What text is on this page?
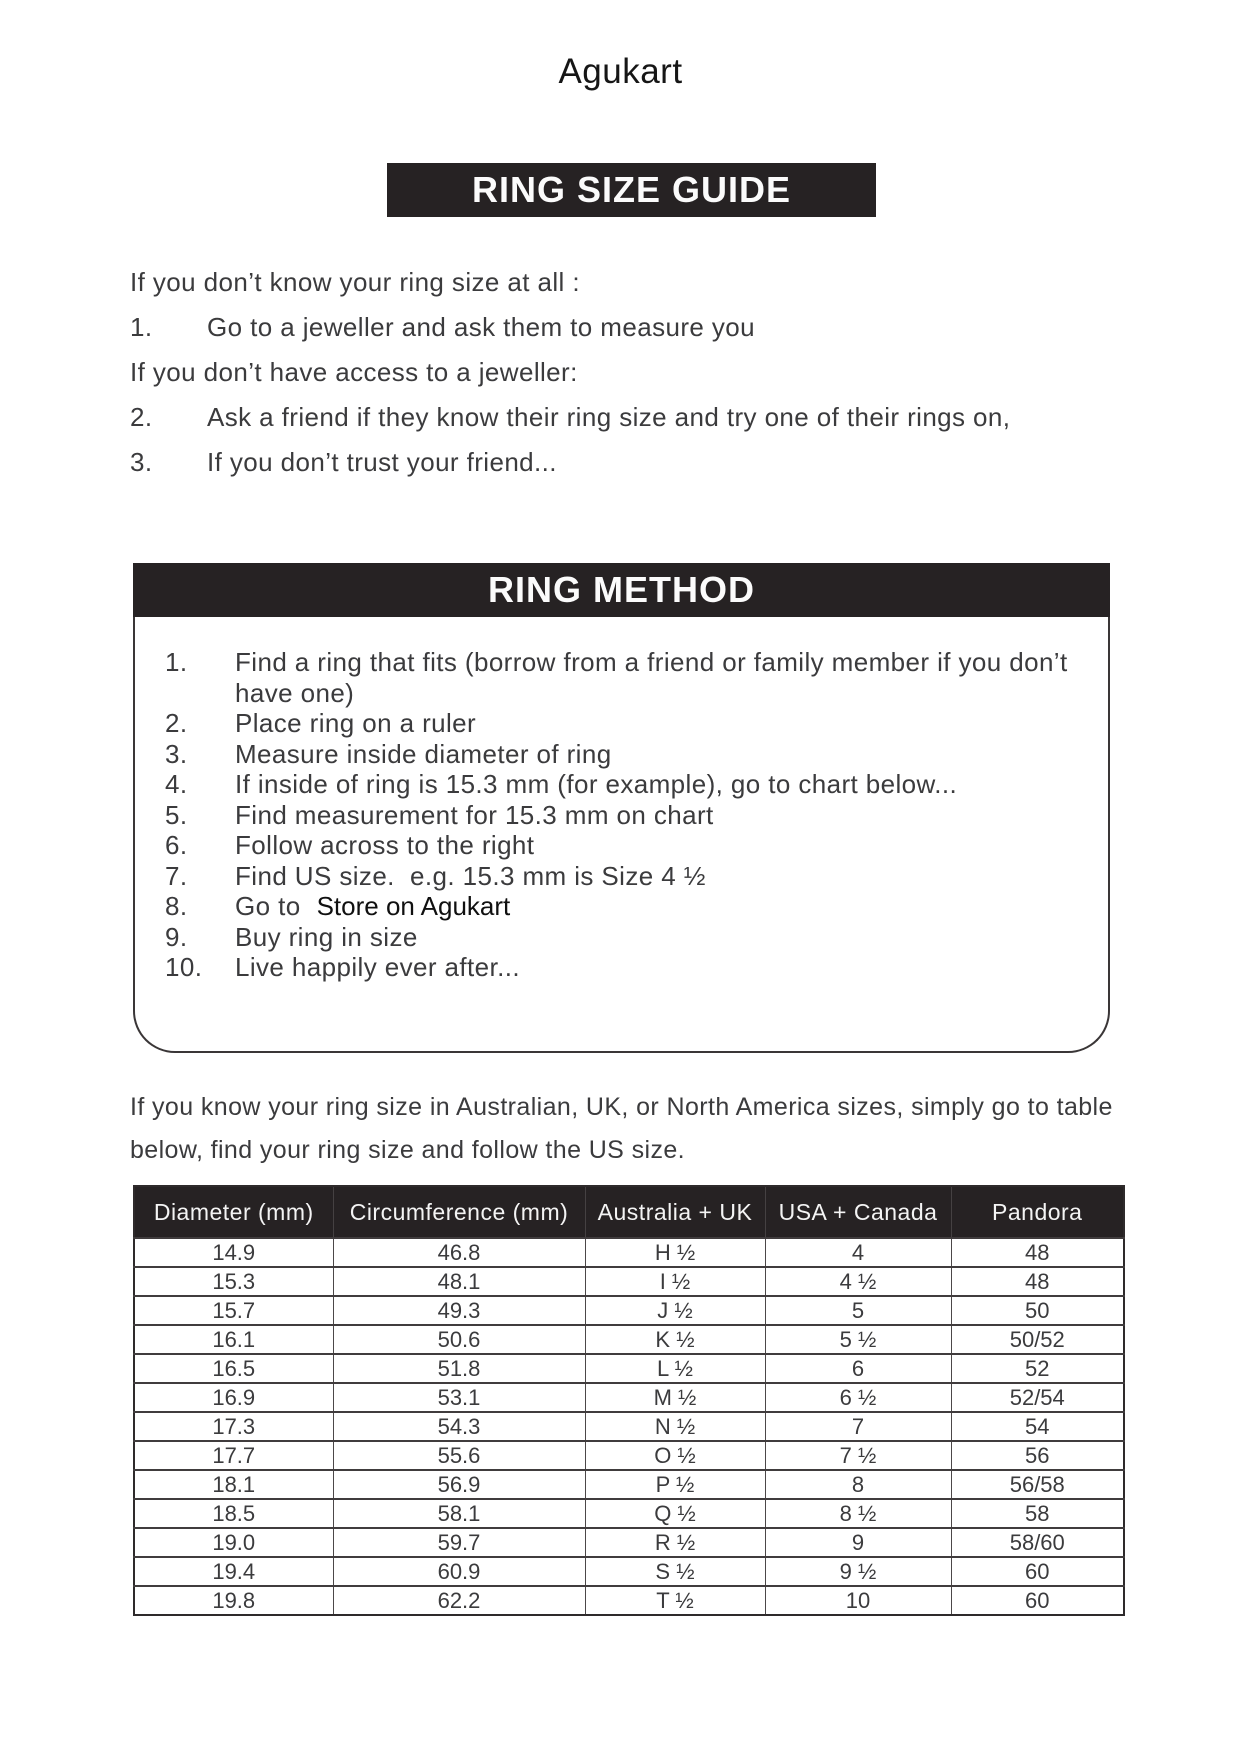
Agukart
RING SIZE GUIDE
If you don’t know your ring size at all :
1.	Go to a jeweller and ask them to measure you
If you don’t have access to a jeweller:
2.	Ask a friend if they know their ring size and try one of their rings on,
3.	If you don’t trust your friend...
RING METHOD
1.	Find a ring that fits (borrow from a friend or family member if you don’t have one)
2.	Place ring on a ruler
3.	Measure inside diameter of ring
4.	If inside of ring is 15.3 mm (for example), go to chart below...
5.	Find measurement for 15.3 mm on chart
6.	Follow across to the right
7.	Find US size.  e.g. 15.3 mm is Size 4 ½
8.	Go to Store on Agukart
9.	Buy ring in size
10.	Live happily ever after...
If you know your ring size in Australian, UK, or North America sizes, simply go to table below, find your ring size and follow the US size.
Diameter (mm)	Circumference (mm)	Australia + UK	USA + Canada	Pandora
14.9	46.8	H ½	4	48
15.3	48.1	I ½	4 ½	48
15.7	49.3	J ½	5	50
16.1	50.6	K ½	5 ½	50/52
16.5	51.8	L ½	6	52
16.9	53.1	M ½	6 ½	52/54
17.3	54.3	N ½	7	54
17.7	55.6	O ½	7 ½	56
18.1	56.9	P ½	8	56/58
18.5	58.1	Q ½	8 ½	58
19.0	59.7	R ½	9	58/60
19.4	60.9	S ½	9 ½	60
19.8	62.2	T ½	10	60
